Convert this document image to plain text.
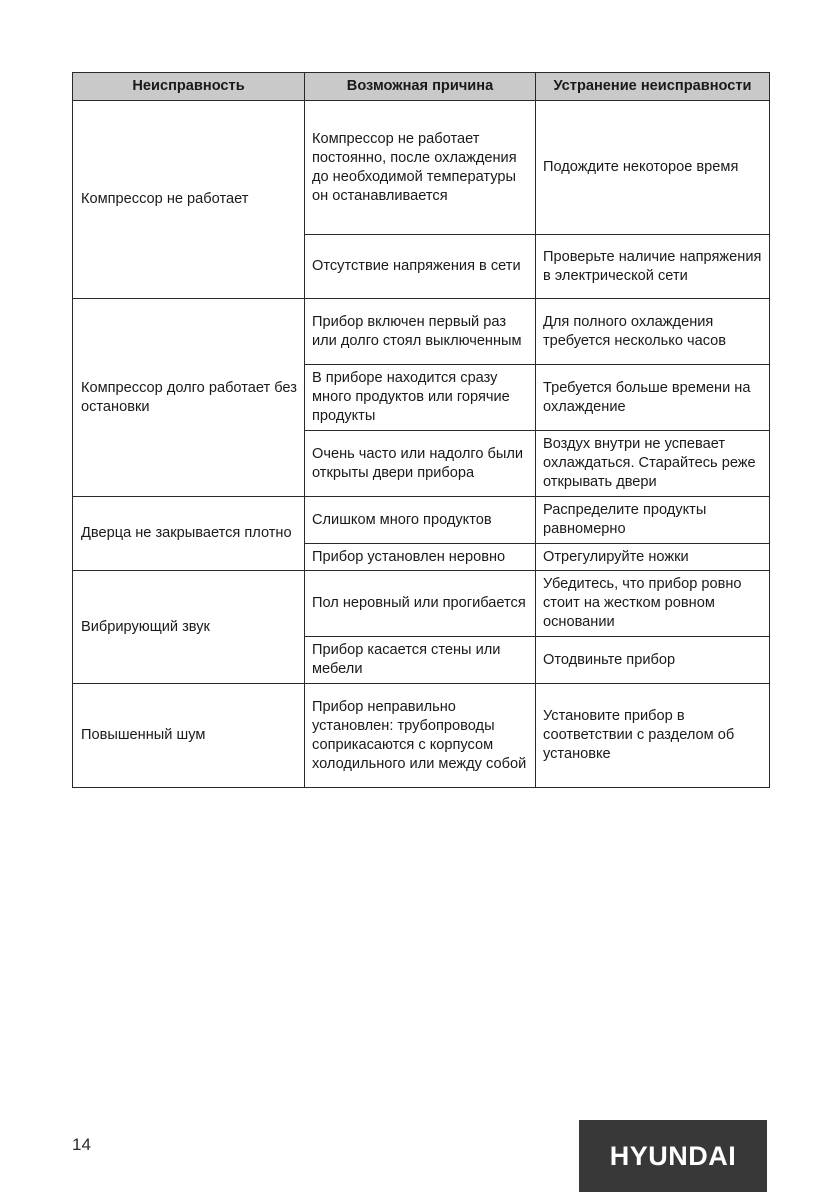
Неисправность	Возможная причина	Устранение неисправности
Компрессор не работает	Компрессор не работает постоянно, после охлаждения до необходимой температуры он останавливается	Подождите некоторое время
	Отсутствие напряжения в сети	Проверьте наличие напряжения в электрической сети
Компрессор долго работает без остановки	Прибор включен первый раз или долго стоял выключенным	Для полного охлаждения требуется несколько часов
	В приборе находится сразу много продуктов или горячие продукты	Требуется больше времени на охлаждение
	Очень часто или надолго были открыты двери прибора	Воздух внутри не успевает охлаждаться. Старайтесь реже открывать двери
Дверца не закрывается плотно	Слишком много продуктов	Распределите продукты равномерно
	Прибор установлен неровно	Отрегулируйте ножки
Вибрирующий звук	Пол неровный или прогибается	Убедитесь, что прибор ровно стоит на жестком ровном основании
	Прибор касается стены или мебели	Отодвиньте прибор
Повышенный шум	Прибор неправильно установлен: трубопроводы соприкасаются с корпусом холодильного или между собой	Установите прибор в соответствии с разделом об установке
14	HYUNDAI
